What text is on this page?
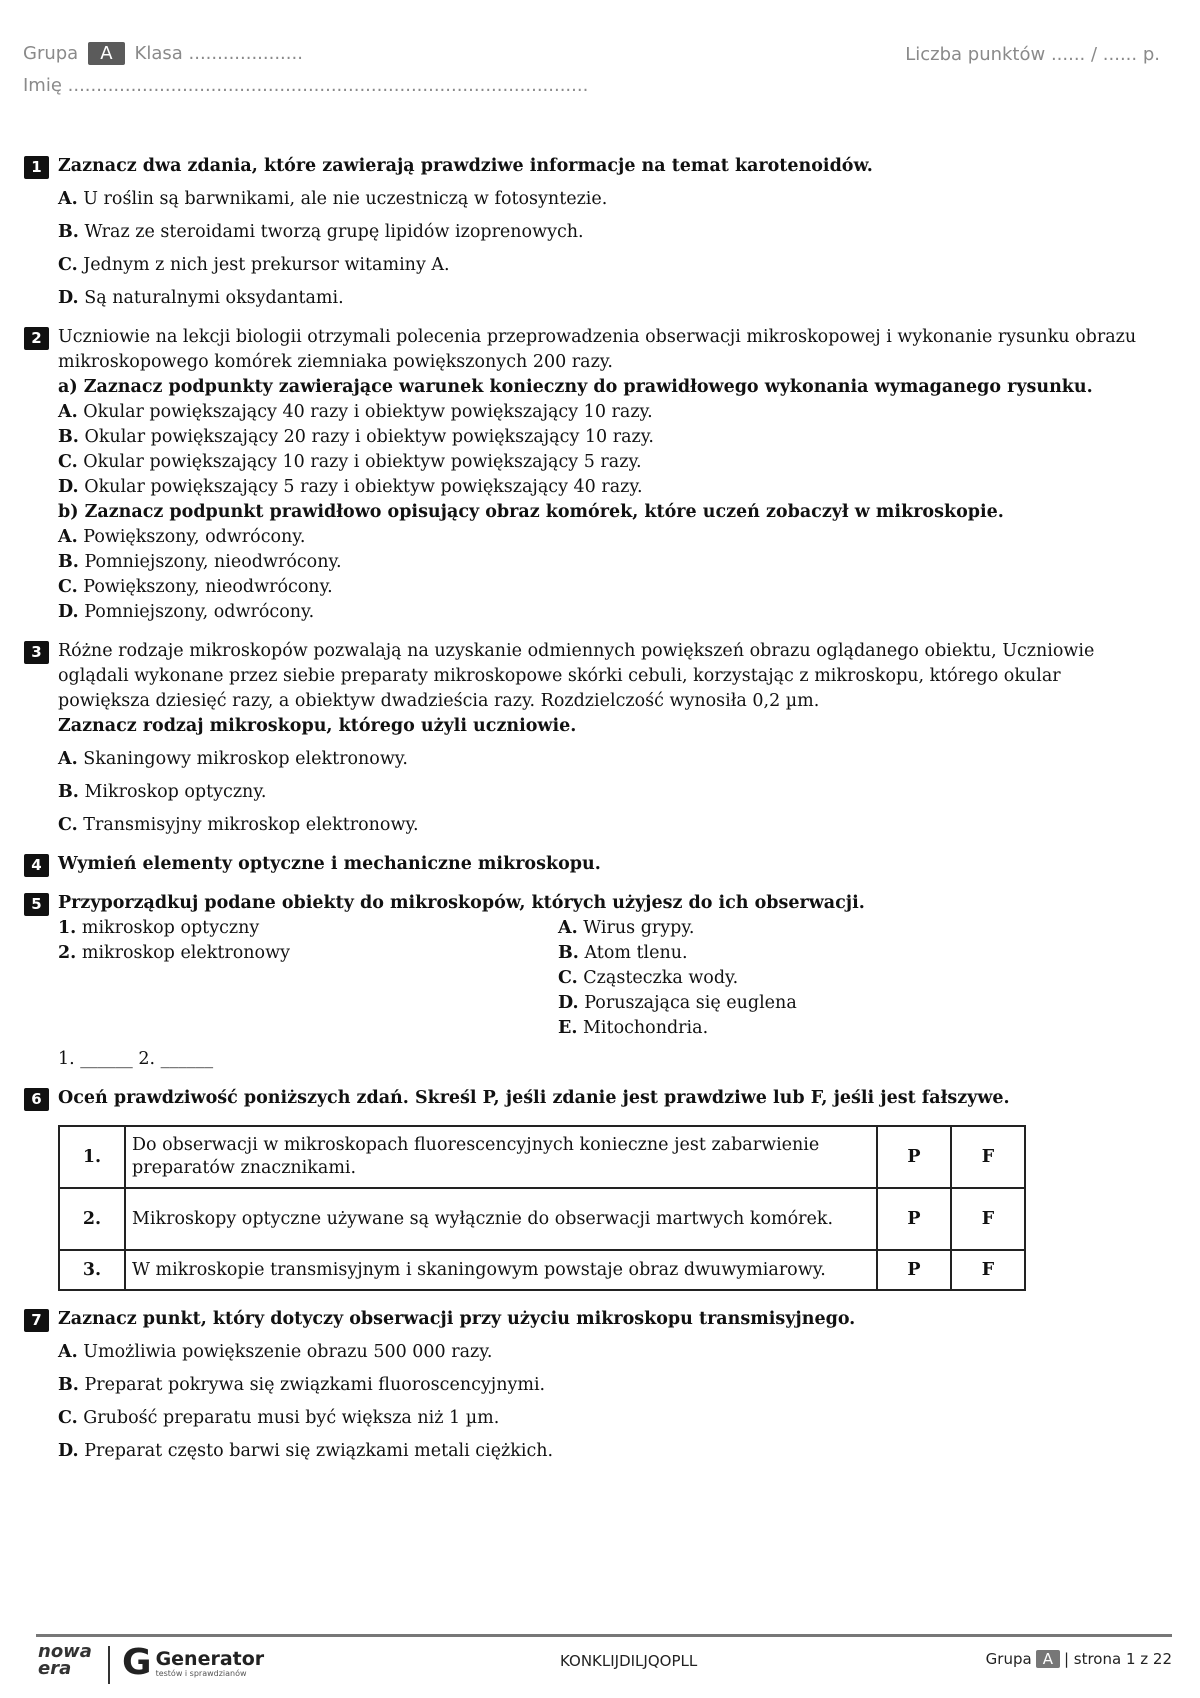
Grupa	A	Klasa ....................
Imię ...........................................................................................
Liczba punktów ...... / ...... p.
1 Zaznacz dwa zdania, które zawierają prawdziwe informacje na temat karotenoidów.
A. U roślin są barwnikami, ale nie uczestniczą w fotosyntezie.
B. Wraz ze steroidami tworzą grupę lipidów izoprenowych.
C. Jednym z nich jest prekursor witaminy A.
D. Są naturalnymi oksydantami.
2 Uczniowie na lekcji biologii otrzymali polecenia przeprowadzenia obserwacji mikroskopowej i wykonanie rysunku obrazu mikroskopowego komórek ziemniaka powiększonych 200 razy.
a) Zaznacz podpunkty zawierające warunek konieczny do prawidłowego wykonania wymaganego rysunku.
A. Okular powiększający 40 razy i obiektyw powiększający 10 razy.
B. Okular powiększający 20 razy i obiektyw powiększający 10 razy.
C. Okular powiększający 10 razy i obiektyw powiększający 5 razy.
D. Okular powiększający 5 razy i obiektyw powiększający 40 razy.
b) Zaznacz podpunkt prawidłowo opisujący obraz komórek, które uczeń zobaczył w mikroskopie.
A. Powiększony, odwrócony.
B. Pomniejszony, nieodwrócony.
C. Powiększony, nieodwrócony.
D. Pomniejszony, odwrócony.
3 Różne rodzaje mikroskopów pozwalają na uzyskanie odmiennych powiększeń obrazu oglądanego obiektu, Uczniowie oglądali wykonane przez siebie preparaty mikroskopowe skórki cebuli, korzystając z mikroskopu, którego okular powiększa dziesięć razy, a obiektyw dwadzieścia razy. Rozdzielczość wynosiła 0,2 µm.
Zaznacz rodzaj mikroskopu, którego użyli uczniowie.
A. Skaningowy mikroskop elektronowy.
B. Mikroskop optyczny.
C. Transmisyjny mikroskop elektronowy.
4 Wymień elementy optyczne i mechaniczne mikroskopu.
5 Przyporządkuj podane obiekty do mikroskopów, których użyjesz do ich obserwacji.
1. mikroskop optyczny
2. mikroskop elektronowy
A. Wirus grypy.
B. Atom tlenu.
C. Cząsteczka wody.
D. Poruszająca się euglena
E. Mitochondria.
1. ______ 2. ______
6 Oceń prawdziwość poniższych zdań. Skreśl P, jeśli zdanie jest prawdziwe lub F, jeśli jest fałszywe.
1.	Do obserwacji w mikroskopach fluorescencyjnych konieczne jest zabarwienie preparatów znacznikami.	P	F
2.	Mikroskopy optyczne używane są wyłącznie do obserwacji martwych komórek.	P	F
3.	W mikroskopie transmisyjnym i skaningowym powstaje obraz dwuwymiarowy.	P	F
7 Zaznacz punkt, który dotyczy obserwacji przy użyciu mikroskopu transmisyjnego.
A. Umożliwia powiększenie obrazu 500 000 razy.
B. Preparat pokrywa się związkami fluoroscencyjnymi.
C. Grubość preparatu musi być większa niż 1 µm.
D. Preparat często barwi się związkami metali ciężkich.
nowa
era	G Generator
testów i sprawdzianów
KONKLIJDILJQOPLL	Grupa A | strona 1 z 22
